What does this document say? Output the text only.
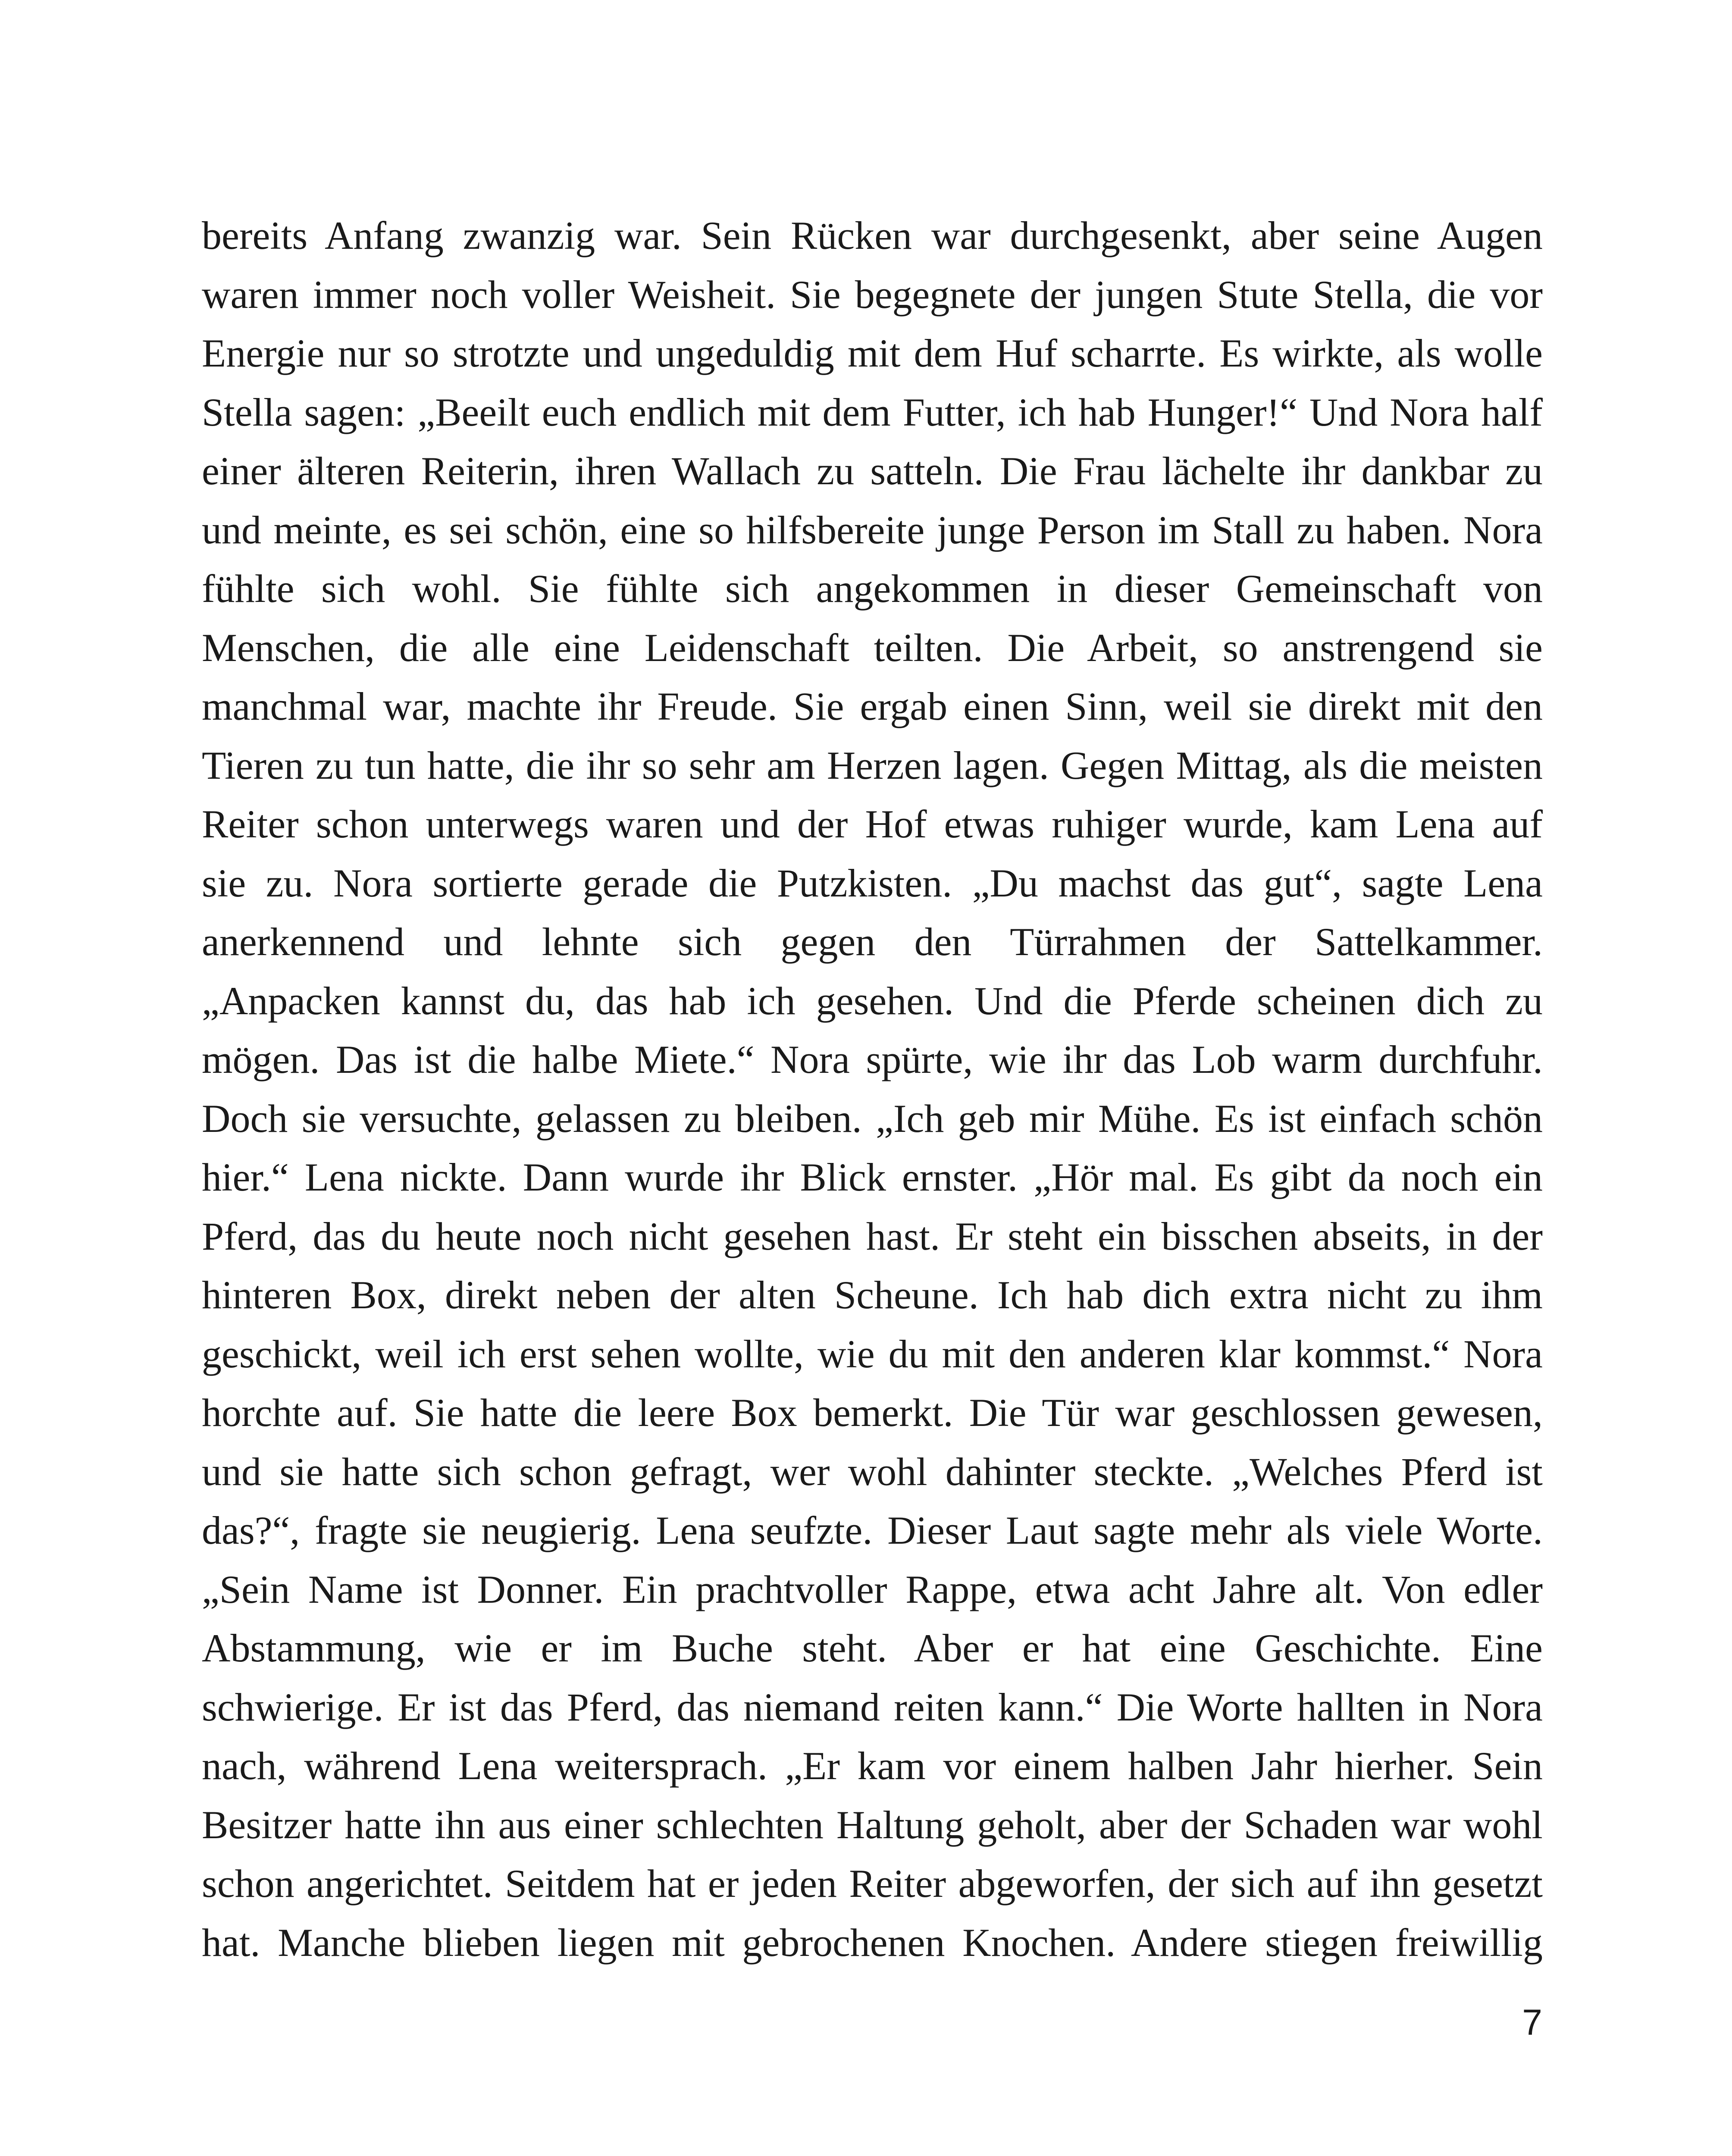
bereits Anfang zwanzig war. Sein Rücken war durchgesenkt, aber seine Augen
waren immer noch voller Weisheit. Sie begegnete der jungen Stute Stella, die vor
Energie nur so strotzte und ungeduldig mit dem Huf scharrte. Es wirkte, als wolle
Stella sagen: „Beeilt euch endlich mit dem Futter, ich hab Hunger!“ Und Nora half
einer älteren Reiterin, ihren Wallach zu satteln. Die Frau lächelte ihr dankbar zu
und meinte, es sei schön, eine so hilfsbereite junge Person im Stall zu haben. Nora
fühlte sich wohl. Sie fühlte sich angekommen in dieser Gemeinschaft von
Menschen, die alle eine Leidenschaft teilten. Die Arbeit, so anstrengend sie
manchmal war, machte ihr Freude. Sie ergab einen Sinn, weil sie direkt mit den
Tieren zu tun hatte, die ihr so sehr am Herzen lagen. Gegen Mittag, als die meisten
Reiter schon unterwegs waren und der Hof etwas ruhiger wurde, kam Lena auf
sie zu. Nora sortierte gerade die Putzkisten. „Du machst das gut“, sagte Lena
anerkennend und lehnte sich gegen den Türrahmen der Sattelkammer.
„Anpacken kannst du, das hab ich gesehen. Und die Pferde scheinen dich zu
mögen. Das ist die halbe Miete.“ Nora spürte, wie ihr das Lob warm durchfuhr.
Doch sie versuchte, gelassen zu bleiben. „Ich geb mir Mühe. Es ist einfach schön
hier.“ Lena nickte. Dann wurde ihr Blick ernster. „Hör mal. Es gibt da noch ein
Pferd, das du heute noch nicht gesehen hast. Er steht ein bisschen abseits, in der
hinteren Box, direkt neben der alten Scheune. Ich hab dich extra nicht zu ihm
geschickt, weil ich erst sehen wollte, wie du mit den anderen klar kommst.“ Nora
horchte auf. Sie hatte die leere Box bemerkt. Die Tür war geschlossen gewesen,
und sie hatte sich schon gefragt, wer wohl dahinter steckte. „Welches Pferd ist
das?“, fragte sie neugierig. Lena seufzte. Dieser Laut sagte mehr als viele Worte.
„Sein Name ist Donner. Ein prachtvoller Rappe, etwa acht Jahre alt. Von edler
Abstammung, wie er im Buche steht. Aber er hat eine Geschichte. Eine
schwierige. Er ist das Pferd, das niemand reiten kann.“ Die Worte hallten in Nora
nach, während Lena weitersprach. „Er kam vor einem halben Jahr hierher. Sein
Besitzer hatte ihn aus einer schlechten Haltung geholt, aber der Schaden war wohl
schon angerichtet. Seitdem hat er jeden Reiter abgeworfen, der sich auf ihn gesetzt
hat. Manche blieben liegen mit gebrochenen Knochen. Andere stiegen freiwillig
7
